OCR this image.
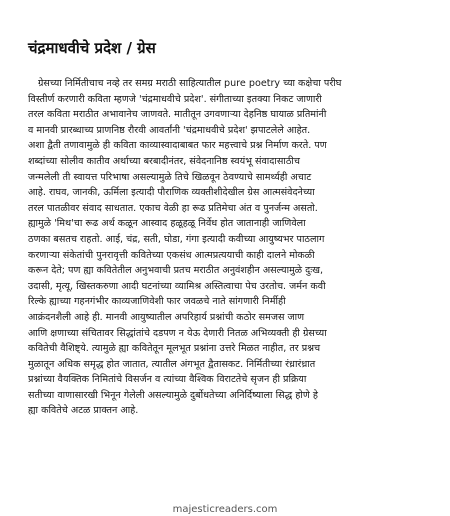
चंद्रमाधवीचे प्रदेश / ग्रेस
ग्रेसच्या निर्मितीचाच नव्हे तर समग्र मराठी साहित्यातील pure poetry च्या कक्षेचा परीघ
विस्तीर्ण करणारी कविता म्हणजे 'चंद्रमाधवीचे प्रदेश'. संगीताच्या इतक्या निकट जाणारी
तरल कविता मराठीत अभावानेच जाणवते. मातीतून उगवणाऱ्या देहनिष्ठ घायाळ प्रतिमांनी
व मानवी प्रारब्धाच्य प्राणनिष्ठ रौरवी आवर्तांनी 'चंद्रमाधवीचे प्रदेश' झपाटलेले आहेत.
अशा द्वैती तणावामुळे ही कविता काव्यास्वादाबाबत फार महत्त्वाचे प्रश्न निर्माण करते. पण
शब्दांच्या सोलीव कातीव अर्थाच्या बरबादीनंतर, संवेदनानिष्ठ स्वयंभू संवादासाठीच
जन्मलेली ती स्वायत्त परिभाषा असल्यामुळे तिचे खिळवून ठेवण्याचे सामर्थ्यही अचाट
आहे. राघव, जानकी, ऊर्मिला इत्यादी पौराणिक व्यक्तीशीदेखील ग्रेस आत्मसंवेदनेच्या
तरल पातळीवर संवाद साधतात. एकाच वेळी हा रूढ प्रतिमेचा अंत व पुनर्जन्म असतो.
ह्यामुळे 'मिथ'चा रूढ अर्थ कळून आस्वाद हळूहळू निर्वेध होत जाताना‍ही जाणिवेला
ठणका बसतच राहतो. आई, चंद्र, सती, घोडा, गंगा इत्यादी कवीच्या आयुष्यभर पाठलाग
करणाऱ्या संकेतांची पुनरावृत्ती कवितेच्या एकसंध आत्मप्रत्ययाची काही दालने मोकळी
करून देते; पण ह्या कवितेतील अनुभवाची प्रतच मराठीत अनुवंशहीन असल्यामुळे दुःख,
उदासी, मृत्यू, खिस्तकरुणा आदी घटनांच्या व्यामिश्र अस्तित्वाचा पेच उरतोच. जर्मन कवी
रिल्के ह्याच्या गहनगंभीर काव्यजाणिवेशी फार जवळचे नाते सांगणारी निर्मीही
आक्रंदनशैली आहे ही. मानवी आयुष्यातील अपरिहार्य प्रश्नांची कठोर समजस जाण
आणि क्षणाच्या संचितावर सिद्धांतांचे दडपण न येऊ देणारी नितळ अभिव्यक्ती ही ग्रेसच्या
कवितेची वैशिष्ट्ये. त्यामुळे ह्या कवितेतून मूलभूत प्रश्नांना उत्तरे मिळत नाहीत, तर प्रश्नच
मुळातून अधिक समृद्ध होत जातात, त्यातील अंगभूत द्वैतासकट. निर्मितीच्या रंध्रारंध्रात
प्रश्नांच्या वैयक्तिक निमितांचे विसर्जन व त्यांच्या वैश्विक विराटतेचे सृजन ही प्रक्रिया
सतीच्या वाणासारखी भिनून गेलेली असल्यामुळे दुर्बोधतेच्या अनिर्दिष्याला सिद्ध होणे हे
ह्या कवितेचे अटळ प्राक्तन आहे.
majesticreaders.com
